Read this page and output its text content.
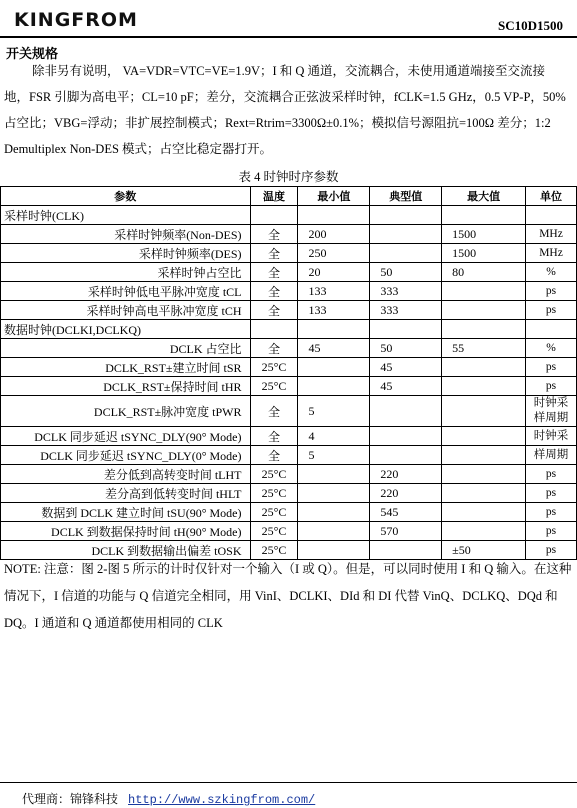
KINGFROM	SC10D1500
开关规格
除非另有说明， VA=VDR=VTC=VE=1.9V；I 和 Q 通道，交流耦合，未使用通道端接至交流接地，FSR 引脚为高电平；CL=10 pF；差分，交流耦合正弦波采样时钟，fCLK=1.5 GHz，0.5 VP-P，50%占空比；VBG=浮动；非扩展控制模式；Rext=Rtrim=3300Ω±0.1%；模拟信号源阻抗=100Ω 差分；1:2 Demultiplex Non-DES 模式；占空比稳定器打开。
表 4 时钟时序参数
参数	温度	最小值	典型值	最大值	单位
采样时钟(CLK)					
采样时钟频率(Non-DES)	全	200		1500	MHz
采样时钟频率(DES)	全	250		1500	MHz
采样时钟占空比	全	20	50	80	%
采样时钟低电平脉冲宽度 tCL	全	133	333		ps
采样时钟高电平脉冲宽度 tCH	全	133	333		ps
数据时钟(DCLKI,DCLKQ)					
DCLK 占空比	全	45	50	55	%
DCLK_RST±建立时间 tSR	25°C		45		ps
DCLK_RST±保持时间 tHR	25°C		45		ps
DCLK_RST±脉冲宽度 tPWR	全	5			时钟采样周期
DCLK 同步延迟 tSYNC_DLY(90° Mode)	全	4			时钟采
DCLK 同步延迟 tSYNC_DLY(0° Mode)	全	5			样周期
差分低到高转变时间 tLHT	25°C		220		ps
差分高到低转变时间 tHLT	25°C		220		ps
数据到 DCLK 建立时间 tSU(90° Mode)	25°C		545		ps
DCLK 到数据保持时间 tH(90° Mode)	25°C		570		ps
DCLK 到数据输出偏差 tOSK	25°C			±50	ps
NOTE: 注意：图 2-图 5 所示的计时仅针对一个输入（I 或 Q）。但是，可以同时使用 I 和 Q 输入。在这种情况下，I 信道的功能与 Q 信道完全相同，用 VinI、DCLKI、DId 和 DI 代替 VinQ、DCLKQ、DQd 和 DQ。I 通道和 Q 通道都使用相同的 CLK
代理商：锦锋科技 http://www.szkingfrom.com/
